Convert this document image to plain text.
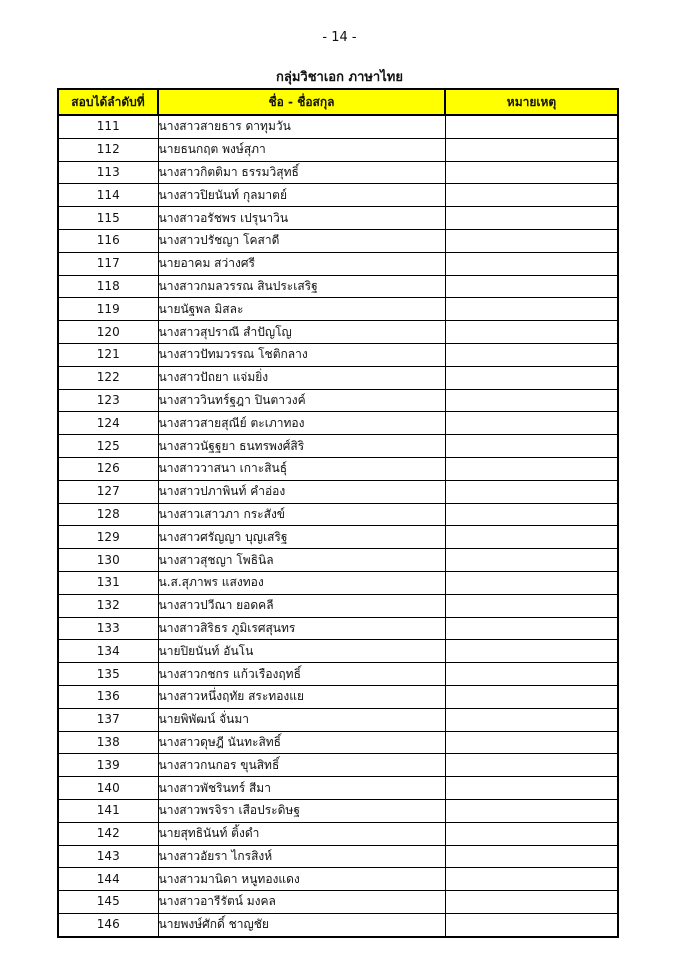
- 14 -
กลุ่มวิชาเอก ภาษาไทย
สอบได้ลำดับที่	ชื่อ - ชื่อสกุล	หมายเหตุ
111	นางสาวสายธาร ดาทุมวัน	
112	นายธนกฤต พงษ์สุภา	
113	นางสาวกิตติมา ธรรมวิสุทธิ์	
114	นางสาวปิยนันท์ กุลมาตย์	
115	นางสาวอรัชพร เปรุนาวิน	
116	นางสาวปรัชญา โคสาดี	
117	นายอาคม สว่างศรี	
118	นางสาวกมลวรรณ สินประเสริฐ	
119	นายนัฐพล มิสละ	
120	นางสาวสุปราณี สำปัญโญ	
121	นางสาวปัทมวรรณ โชติกลาง	
122	นางสาวปัถยา แจ่มยิ่ง	
123	นางสาววินทร์ฐฎา ปินตาวงค์	
124	นางสาวสายสุณีย์ ตะเภาทอง	
125	นางสาวนัฐฐยา ธนทรพงศ์สิริ	
126	นางสาววาสนา เกาะสินธุ์	
127	นางสาวปภาพินท์ คำอ่อง	
128	นางสาวเสาวภา กระสังข์	
129	นางสาวศรัญญา บุญเสริฐ	
130	นางสาวสุชญา โพธินิล	
131	น.ส.สุภาพร แสงทอง	
132	นางสาวปวีณา ยอดคลี	
133	นางสาวสิริธร ภูมิเรศสุนทร	
134	นายปิยนันท์ อันโน	
135	นางสาวกชกร แก้วเรืองฤทธิ์	
136	นางสาวหนึ่งฤทัย สระทองแย	
137	นายพิพัฒน์ จั่นมา	
138	นางสาวดุษฎี นันทะสิทธิ์	
139	นางสาวกนกอร ขุนสิทธิ์	
140	นางสาวพัชรินทร์ สีมา	
141	นางสาวพรจิรา เสือประดิษฐ	
142	นายสุทธินันท์ ติ้งดำ	
143	นางสาวอัยรา ไกรสิงห์	
144	นางสาวมานิดา หนูทองแดง	
145	นางสาวอารีรัตน์ มงคล	
146	นายพงษ์ศักดิ์ ชาญชัย	
